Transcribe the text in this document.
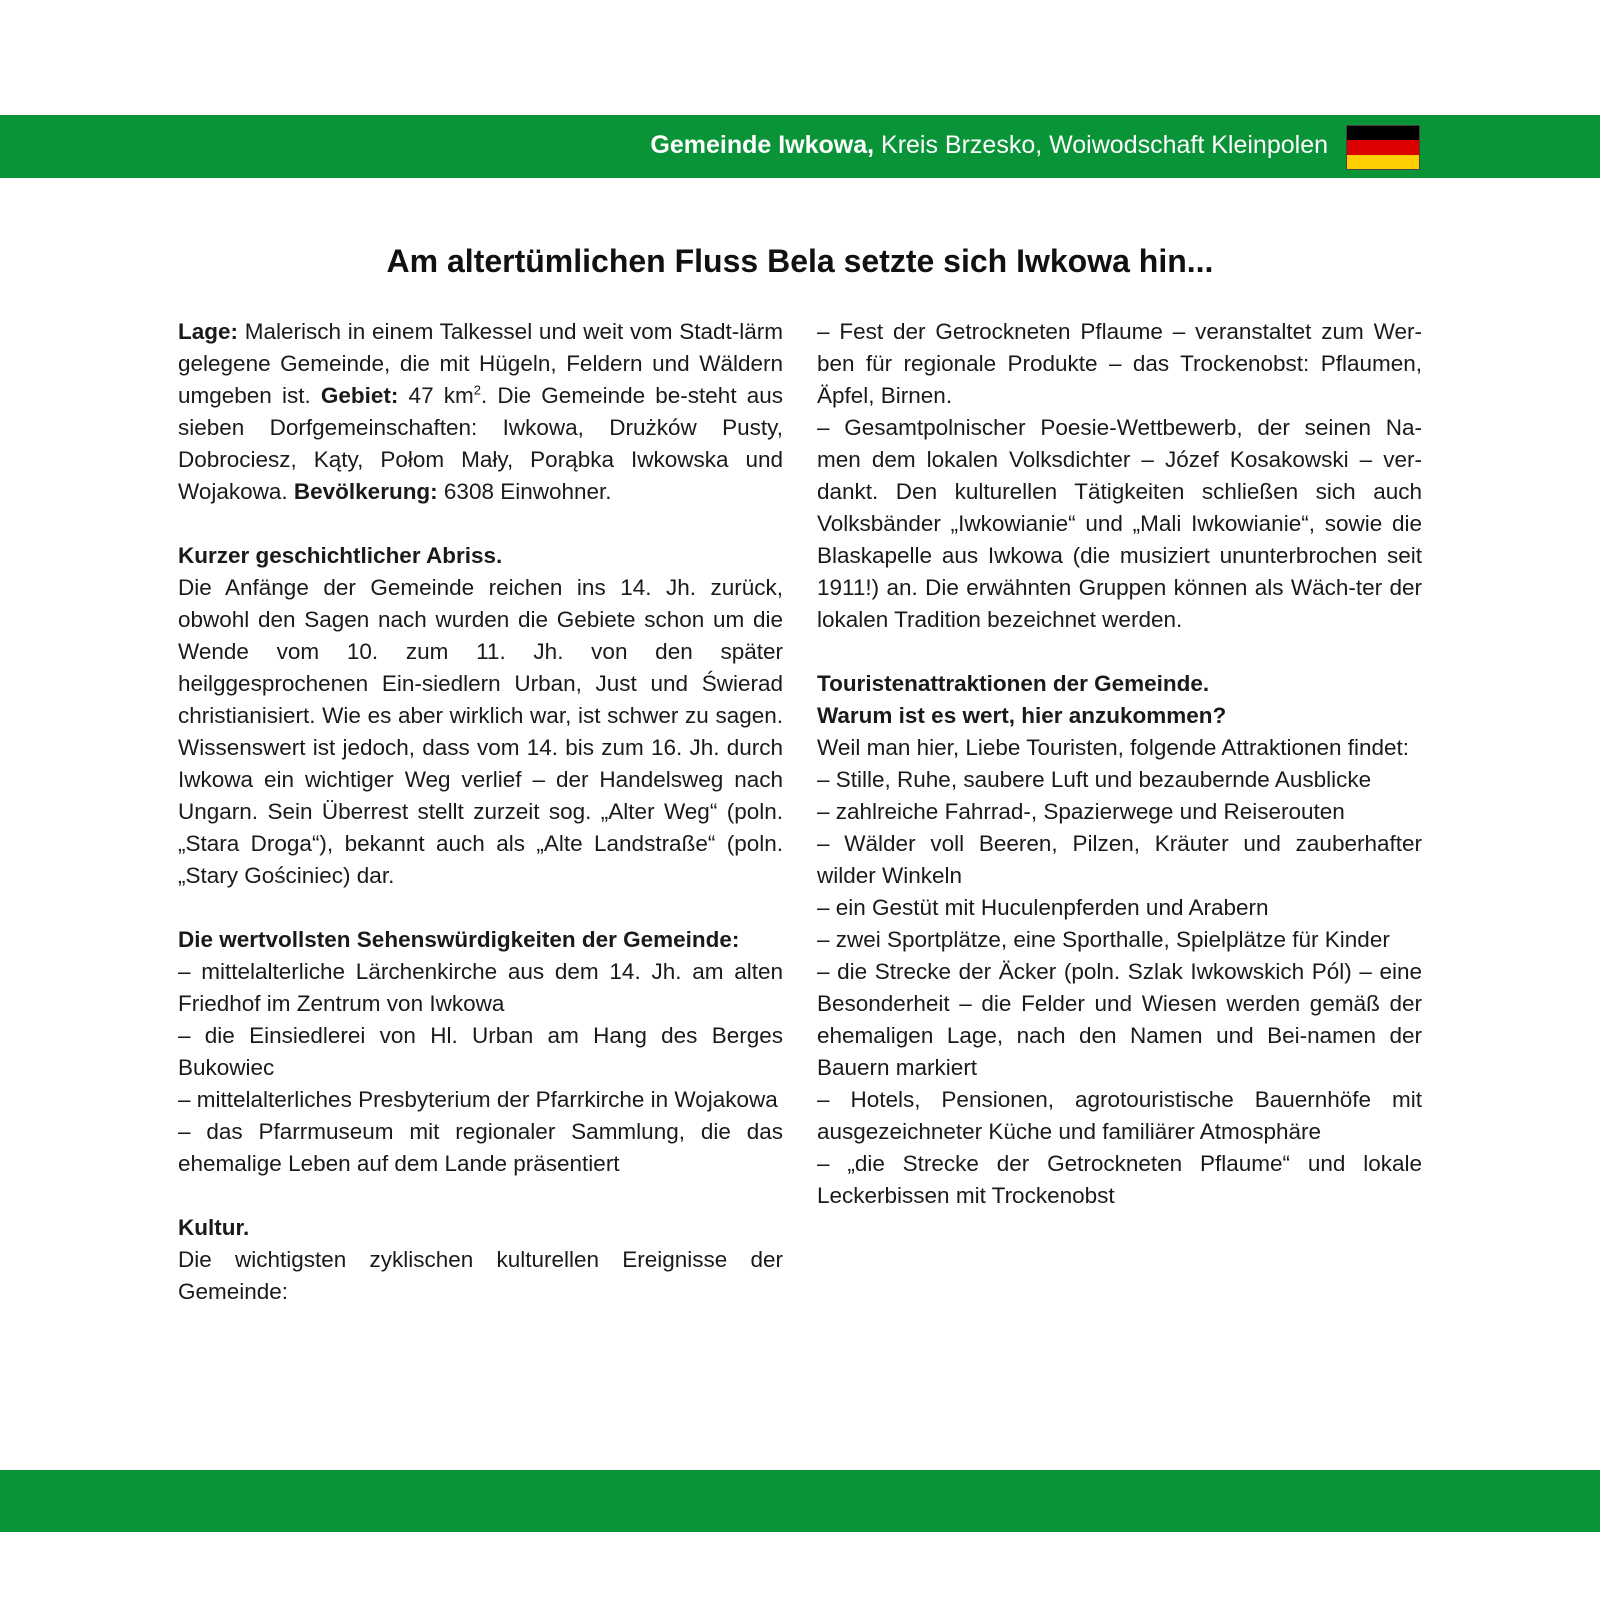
Gemeinde Iwkowa, Kreis Brzesko, Woiwodschaft Kleinpolen
Am altertümlichen Fluss Bela setzte sich Iwkowa hin...

Lage: Malerisch in einem Talkessel und weit vom Stadt-lärm gelegene Gemeinde, die mit Hügeln, Feldern und Wäldern umgeben ist. Gebiet: 47 $km^2$. Die Gemeinde be-steht aus sieben Dorfgemeinschaften: Iwkowa, Drużków Pusty, Dobrociesz, Kąty, Połom Mały, Porąbka Iwkowska und Wojakowa. Bevölkerung: 6308 Einwohner.

Kurzer geschichtlicher Abriss.

Die Anfänge der Gemeinde reichen ins 14. Jh. zurück, obwohl den Sagen nach wurden die Gebiete schon um die Wende vom 10. zum 11. Jh. von den später heilggesprochenen Ein-siedlern Urban, Just und Świerad christianisiert. Wie es aber wirklich war, ist schwer zu sagen. Wissenswert ist jedoch, dass vom 14. bis zum 16. Jh. durch Iwkowa ein wichtiger Weg verlief – der Handelsweg nach Ungarn. Sein Überrest stellt zurzeit sog. „Alter Weg“ (poln. „Stara Droga“), bekannt auch als „Alte Landstraße“ (poln. „Stary Gościniec) dar.

Die wertvollsten Sehenswürdigkeiten der Gemeinde:

– mittelalterliche Lärchenkirche aus dem 14. Jh. am alten Friedhof im Zentrum von Iwkowa

– die Einsiedlerei von Hl. Urban am Hang des Berges Bukowiec

– mittelalterliches Presbyterium der Pfarrkirche in Wojakowa

– das Pfarrmuseum mit regionaler Sammlung, die das ehemalige Leben auf dem Lande präsentiert

Kultur.

Die wichtigsten zyklischen kulturellen Ereignisse der Gemeinde:

– Fest der Getrockneten Pflaume – veranstaltet zum Wer-ben für regionale Produkte – das Trockenobst: Pflaumen, Äpfel, Birnen.

– Gesamtpolnischer Poesie-Wettbewerb, der seinen Na-men dem lokalen Volksdichter – Józef Kosakowski – ver-dankt. Den kulturellen Tätigkeiten schließen sich auch Volksbänder „Iwkowianie“ und „Mali Iwkowianie“, sowie die Blaskapelle aus Iwkowa (die musiziert ununterbrochen seit 1911!) an. Die erwähnten Gruppen können als Wäch-ter der lokalen Tradition bezeichnet werden.

Touristenattraktionen der Gemeinde.

Warum ist es wert, hier anzukommen?

Weil man hier, Liebe Touristen, folgende Attraktionen findet:

– Stille, Ruhe, saubere Luft und bezaubernde Ausblicke

– zahlreiche Fahrrad-, Spazierwege und Reiserouten

– Wälder voll Beeren, Pilzen, Kräuter und zauberhafter wilder Winkeln

– ein Gestüt mit Huculenpferden und Arabern

– zwei Sportplätze, eine Sporthalle, Spielplätze für Kinder

– die Strecke der Äcker (poln. Szlak Iwkowskich Pól) – eine Besonderheit – die Felder und Wiesen werden gemäß der ehemaligen Lage, nach den Namen und Bei-namen der Bauern markiert

– Hotels, Pensionen, agrotouristische Bauernhöfe mit ausgezeichneter Küche und familiärer Atmosphäre

– „die Strecke der Getrockneten Pflaume“ und lokale Leckerbissen mit Trockenobst
